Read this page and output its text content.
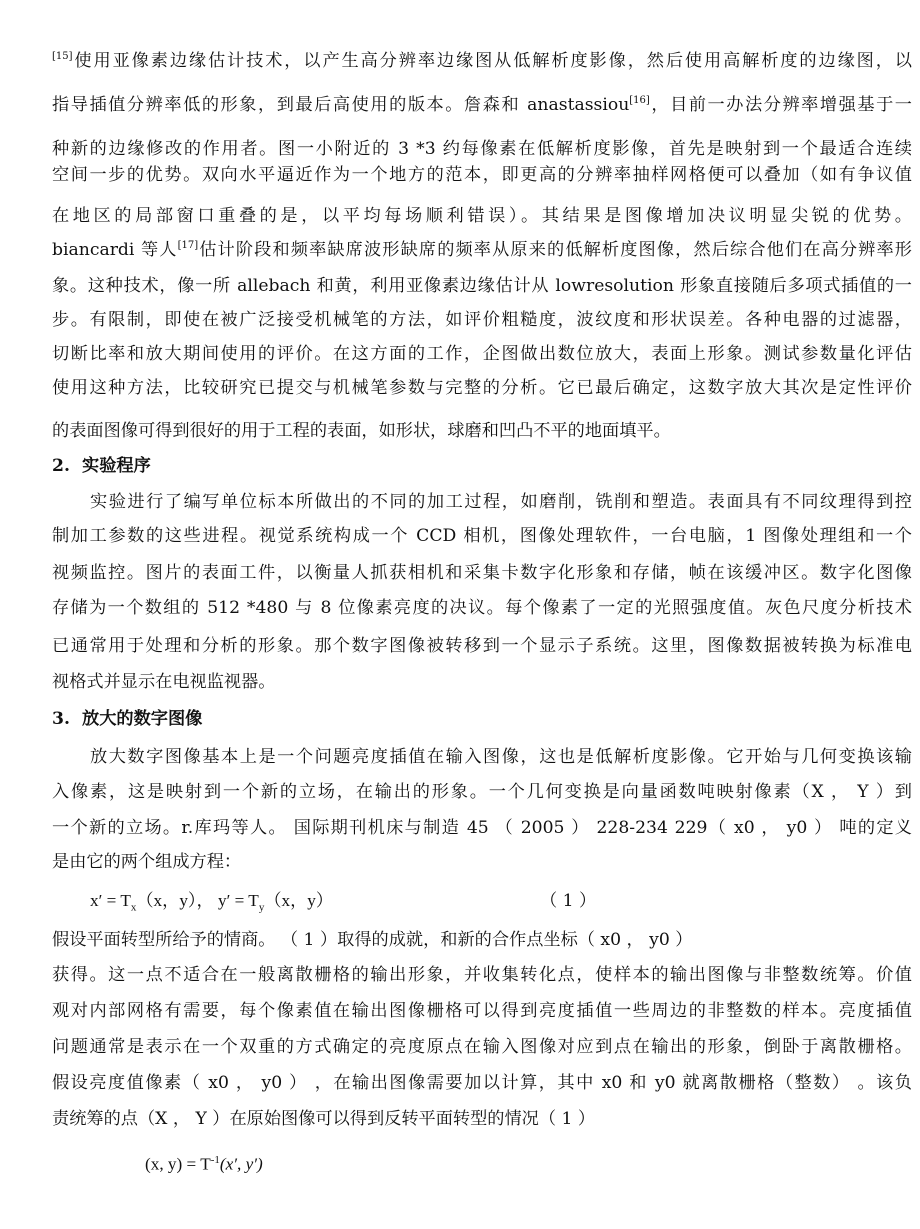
[15]使用亚像素边缘估计技术，以产生高分辨率边缘图从低解析度影像，然后使用高解析度的边缘图，以
指导插值分辨率低的形象，到最后高使用的版本。詹森和 anastassiou[16]，目前一办法分辨率增强基于一
种新的边缘修改的作用者。图一小附近的 3 *3 约每像素在低解析度影像，首先是映射到一个最适合连续
空间一步的优势。双向水平逼近作为一个地方的范本，即更高的分辨率抽样网格便可以叠加（如有争议值
在地区的局部窗口重叠的是，以平均每场顺利错误）。其结果是图像增加决议明显尖锐的优势。
biancardi 等人[17]估计阶段和频率缺席波形缺席的频率从原来的低解析度图像，然后综合他们在高分辨率形
象。这种技术，像一所 allebach 和黄，利用亚像素边缘估计从 lowresolution 形象直接随后多项式插值的一
步。有限制，即使在被广泛接受机械笔的方法，如评价粗糙度，波纹度和形状误差。各种电器的过滤器，
切断比率和放大期间使用的评价。在这方面的工作，企图做出数位放大，表面上形象。测试参数量化评估
使用这种方法，比较研究已提交与机械笔参数与完整的分析。它已最后确定，这数字放大其次是定性评价
的表面图像可得到很好的用于工程的表面，如形状，球磨和凹凸不平的地面填平。
2. 实验程序
实验进行了编写单位标本所做出的不同的加工过程，如磨削，铣削和塑造。表面具有不同纹理得到控
制加工参数的这些进程。视觉系统构成一个 CCD 相机，图像处理软件，一台电脑，1 图像处理组和一个
视频监控。图片的表面工件，以衡量人抓获相机和采集卡数字化形象和存储，帧在该缓冲区。数字化图像
存储为一个数组的 512 *480 与 8 位像素亮度的决议。每个像素了一定的光照强度值。灰色尺度分析技术
已通常用于处理和分析的形象。那个数字图像被转移到一个显示子系统。这里，图像数据被转换为标准电
视格式并显示在电视监视器。
3. 放大的数字图像
放大数字图像基本上是一个问题亮度插值在输入图像，这也是低解析度影像。它开始与几何变换该输
入像素，这是映射到一个新的立场，在输出的形象。一个几何变换是向量函数吨映射像素（X ， Y ）到
一个新的立场。r.库玛等人。 国际期刊机床与制造 45 （ 2005 ） 228-234 229（ x0 ， y0 ） 吨的定义
是由它的两个组成方程：
$x' = T_x(x$，y）， $y' = T_y(x$，y）	（ 1 ）
假设平面转型所给予的情商。 （ 1 ）取得的成就，和新的合作点坐标（ x0 ， y0 ）
获得。这一点不适合在一般离散栅格的输出形象，并收集转化点，使样本的输出图像与非整数统筹。价值
观对内部网格有需要，每个像素值在输出图像栅格可以得到亮度插值一些周边的非整数的样本。亮度插值
问题通常是表示在一个双重的方式确定的亮度原点在输入图像对应到点在输出的形象，倒卧于离散栅格。
假设亮度值像素（ x0 ， y0 ） ，在输出图像需要加以计算，其中 x0 和 y0 就离散栅格（整数） 。该负
责统筹的点（X ， Y ）在原始图像可以得到反转平面转型的情况（ 1 ）
(x, $y) = T^{-1}(x'$, y′)
